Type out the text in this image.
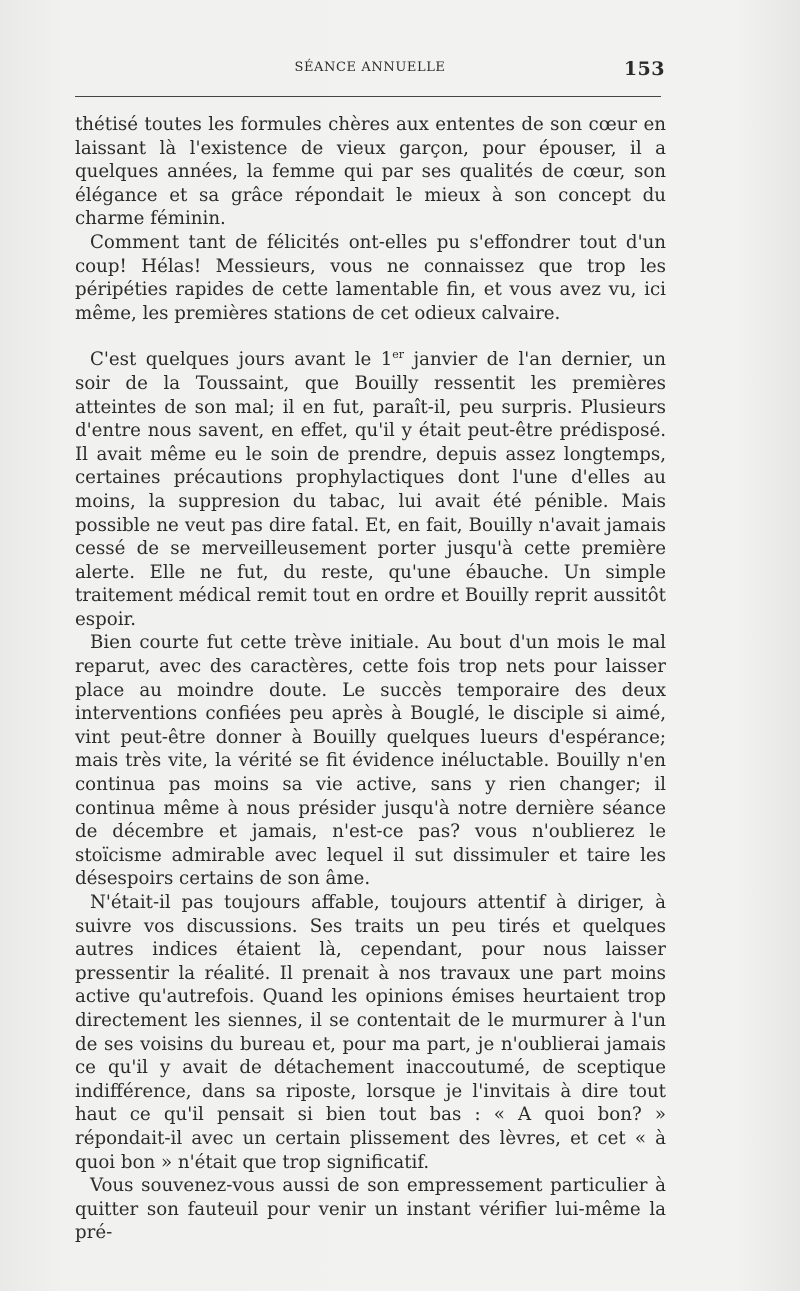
SÉANCE ANNUELLE	153

thétisé toutes les formules chères aux ententes de son cœur en laissant là l'existence de vieux garçon, pour épouser, il a quelques années, la femme qui par ses qualités de cœur, son élégance et sa grâce répondait le mieux à son concept du charme féminin.

Comment tant de félicités ont-elles pu s'effondrer tout d'un coup! Hélas! Messieurs, vous ne connaissez que trop les péripéties rapides de cette lamentable fin, et vous avez vu, ici même, les premières stations de cet odieux calvaire.

C'est quelques jours avant le 1er janvier de l'an dernier, un soir de la Toussaint, que Bouilly ressentit les premières atteintes de son mal; il en fut, paraît-il, peu surpris. Plusieurs d'entre nous savent, en effet, qu'il y était peut-être prédisposé. Il avait même eu le soin de prendre, depuis assez longtemps, certaines précautions prophylactiques dont l'une d'elles au moins, la suppresion du tabac, lui avait été pénible. Mais possible ne veut pas dire fatal. Et, en fait, Bouilly n'avait jamais cessé de se merveilleusement porter jusqu'à cette première alerte. Elle ne fut, du reste, qu'une ébauche. Un simple traitement médical remit tout en ordre et Bouilly reprit aussitôt espoir.

Bien courte fut cette trève initiale. Au bout d'un mois le mal reparut, avec des caractères, cette fois trop nets pour laisser place au moindre doute. Le succès temporaire des deux interventions confiées peu après à Bouglé, le disciple si aimé, vint peut-être donner à Bouilly quelques lueurs d'espérance; mais très vite, la vérité se fit évidence inéluctable. Bouilly n'en continua pas moins sa vie active, sans y rien changer; il continua même à nous présider jusqu'à notre dernière séance de décembre et jamais, n'est-ce pas? vous n'oublierez le stoïcisme admirable avec lequel il sut dissimuler et taire les désespoirs certains de son âme.

N'était-il pas toujours affable, toujours attentif à diriger, à suivre vos discussions. Ses traits un peu tirés et quelques autres indices étaient là, cependant, pour nous laisser pressentir la réalité. Il prenait à nos travaux une part moins active qu'autrefois. Quand les opinions émises heurtaient trop directement les siennes, il se contentait de le murmurer à l'un de ses voisins du bureau et, pour ma part, je n'oublierai jamais ce qu'il y avait de détachement inaccoutumé, de sceptique indifférence, dans sa riposte, lorsque je l'invitais à dire tout haut ce qu'il pensait si bien tout bas : « A quoi bon? » répondait-il avec un certain plissement des lèvres, et cet « à quoi bon » n'était que trop significatif.

Vous souvenez-vous aussi de son empressement particulier à quitter son fauteuil pour venir un instant vérifier lui-même la pré-
